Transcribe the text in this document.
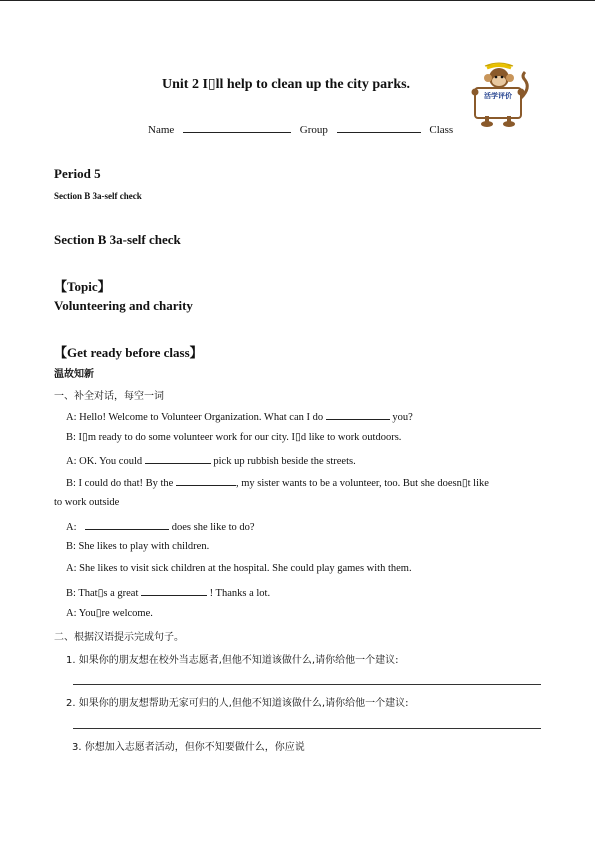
Unit 2 I▯ll help to clean up the city parks.
活学评价
Name	Group	Class
Period 5
Section B 3a-self check
Section B 3a-self check
【Topic】
Volunteering and charity
【Get ready before class】
温故知新
一、补全对话，每空一词
A: Hello! Welcome to Volunteer Organization. What can I do	you?
B: I▯m ready to do some volunteer work for our city. I▯d like to work outdoors.
A: OK. You could	pick up rubbish beside the streets.
B: I could do that! By the	, my sister wants to be a volunteer, too. But she doesn▯t like
to work outside
A:	does she like to do?
B: She likes to play with children.
A: She likes to visit sick children at the hospital. She could play games with them.
B: That▯s a great	! Thanks a lot.
A: You▯re welcome.
二、根据汉语提示完成句子。
1. 如果你的朋友想在校外当志愿者,但他不知道该做什么,请你给他一个建议:
2. 如果你的朋友想帮助无家可归的人,但他不知道该做什么,请你给他一个建议:
3. 你想加入志愿者活动，但你不知要做什么，你应说
